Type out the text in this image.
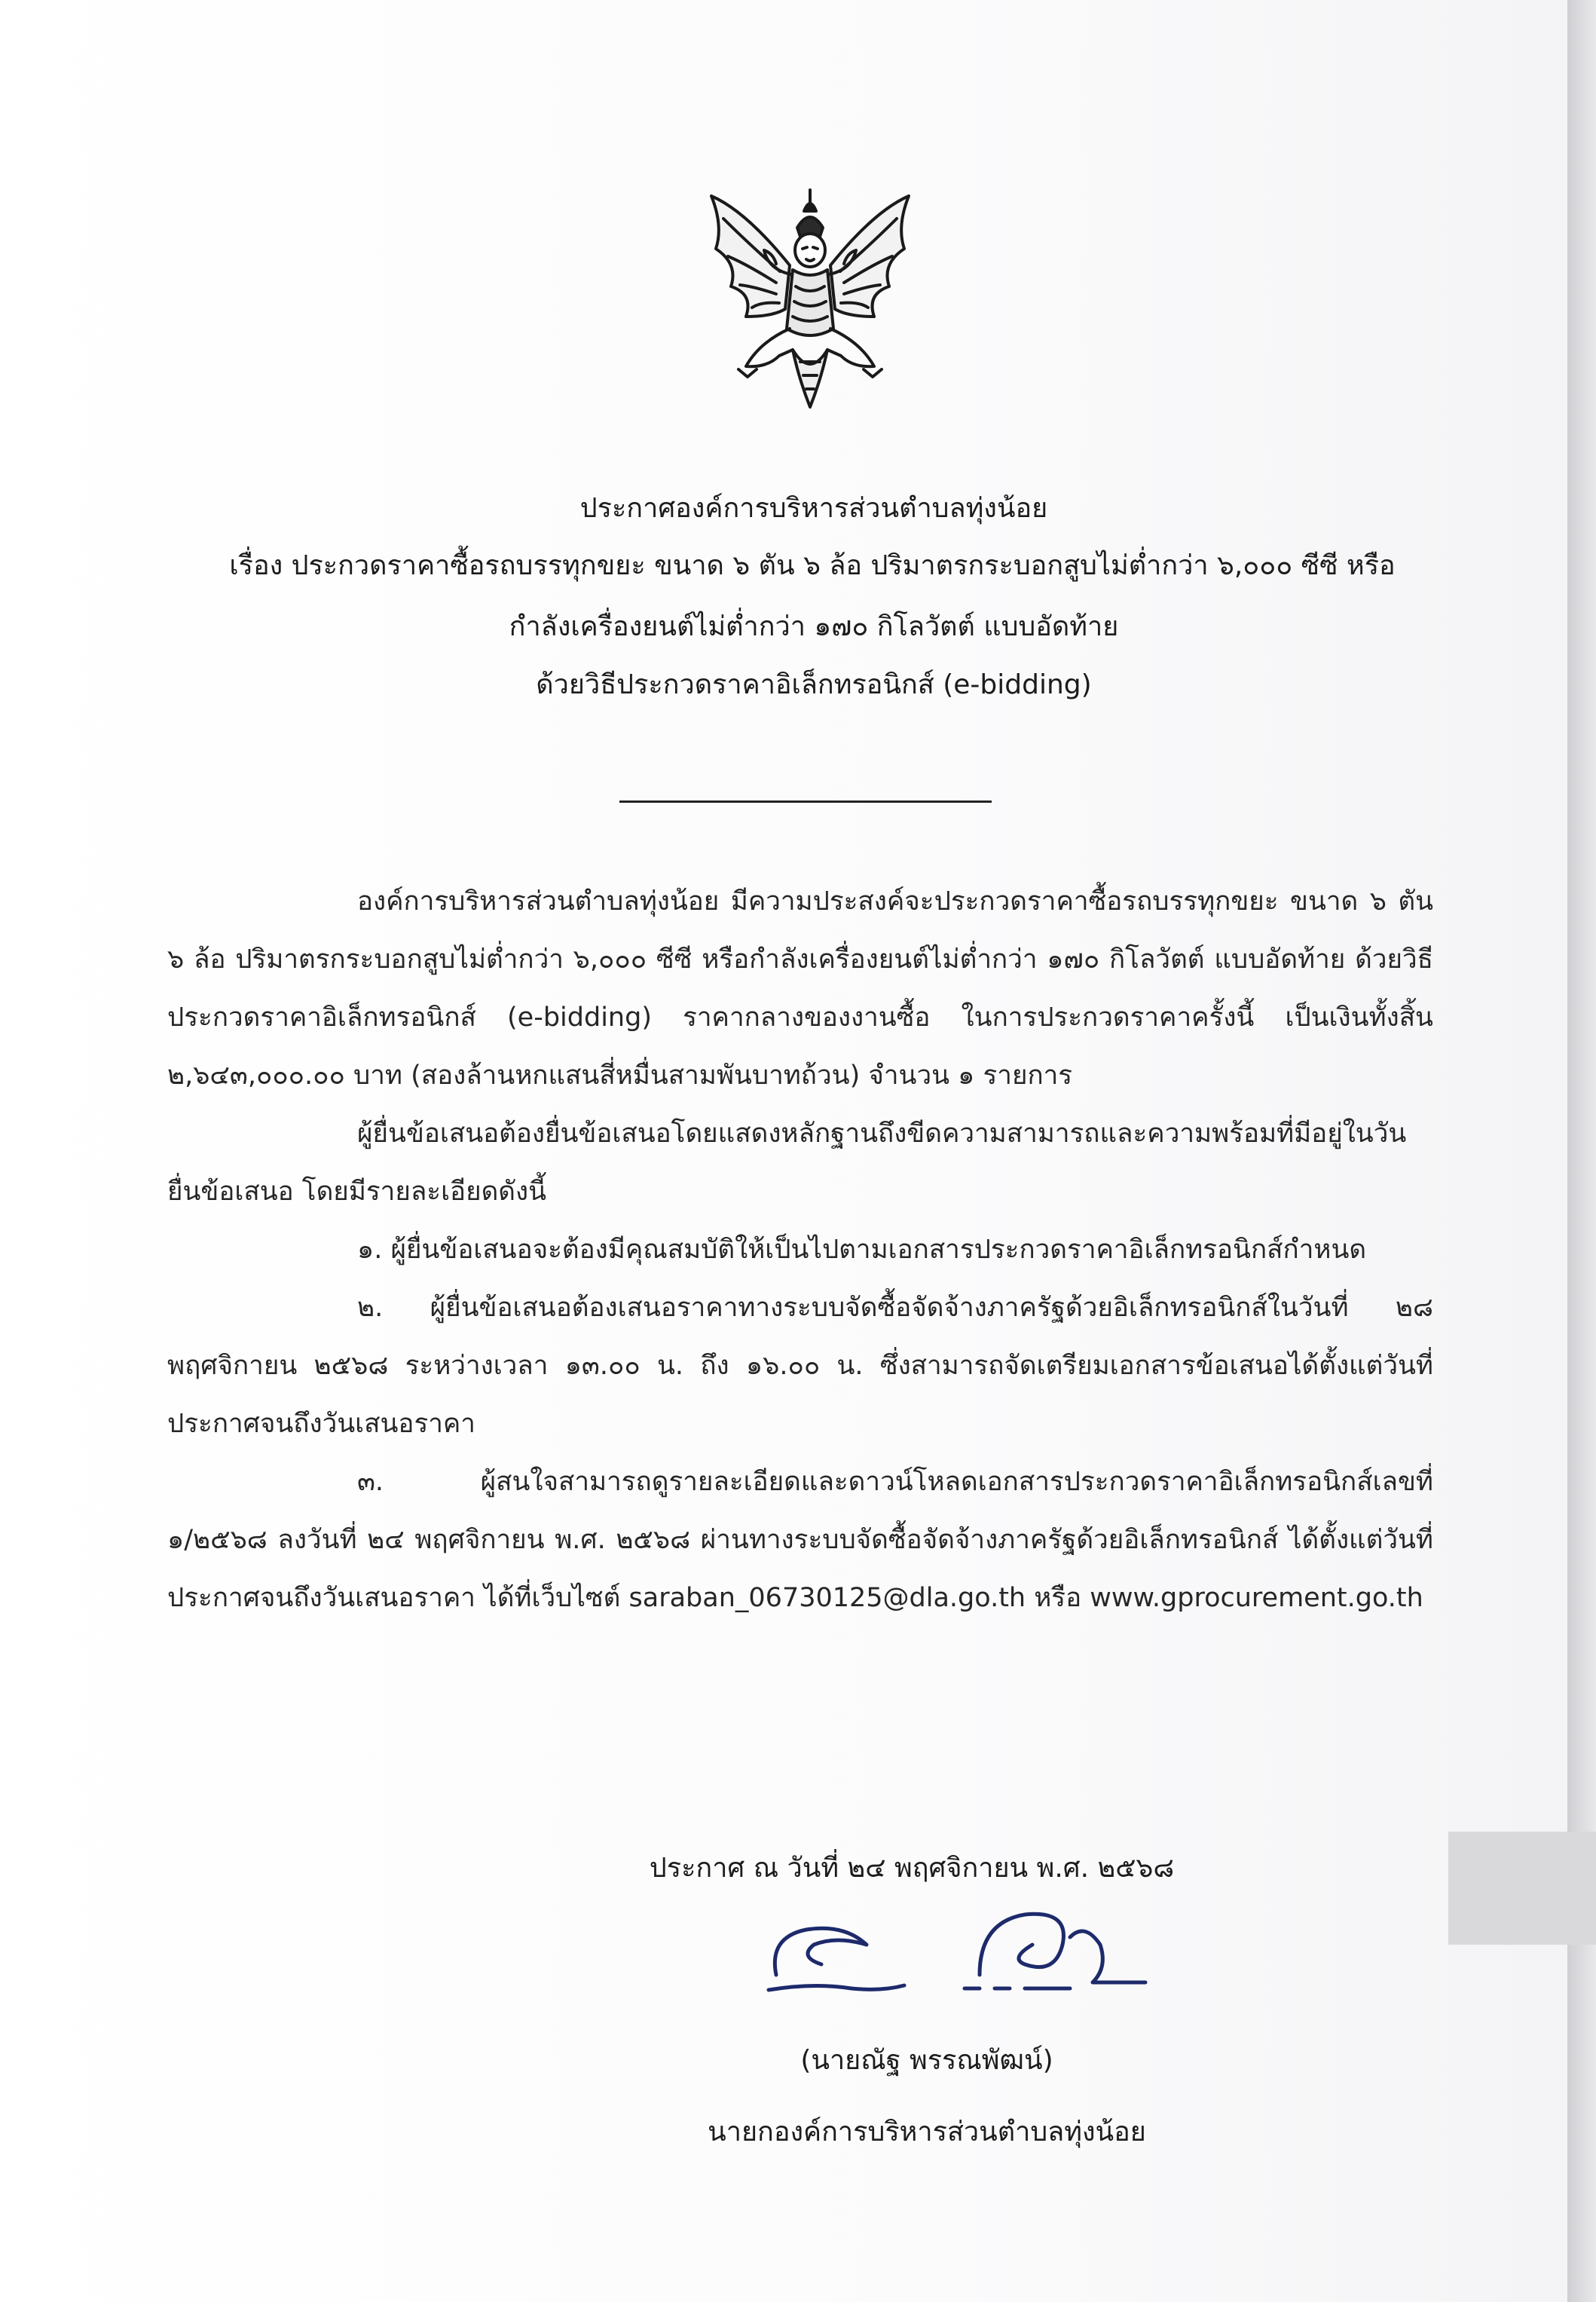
ประกาศองค์การบริหารส่วนตำบลทุ่งน้อย
เรื่อง ประกวดราคาซื้อรถบรรทุกขยะ ขนาด ๖ ตัน ๖ ล้อ ปริมาตรกระบอกสูบไม่ต่ำกว่า ๖,๐๐๐ ซีซี หรือ
กำลังเครื่องยนต์ไม่ต่ำกว่า ๑๗๐ กิโลวัตต์ แบบอัดท้าย
ด้วยวิธีประกวดราคาอิเล็กทรอนิกส์ (e-bidding)

องค์การบริหารส่วนตำบลทุ่งน้อย มีความประสงค์จะประกวดราคาซื้อรถบรรทุกขยะ ขนาด ๖ ตัน ๖ ล้อ ปริมาตรกระบอกสูบไม่ต่ำกว่า ๖,๐๐๐ ซีซี หรือกำลังเครื่องยนต์ไม่ต่ำกว่า ๑๗๐ กิโลวัตต์ แบบอัดท้าย ด้วยวิธีประกวดราคาอิเล็กทรอนิกส์ (e-bidding) ราคากลางของงานซื้อ ในการประกวดราคาครั้งนี้ เป็นเงินทั้งสิ้น ๒,๖๔๓,๐๐๐.๐๐ บาท (สองล้านหกแสนสี่หมื่นสามพันบาทถ้วน) จำนวน ๑ รายการ

ผู้ยื่นข้อเสนอต้องยื่นข้อเสนอโดยแสดงหลักฐานถึงขีดความสามารถและความพร้อมที่มีอยู่ในวันยื่นข้อเสนอ โดยมีรายละเอียดดังนี้

๑. ผู้ยื่นข้อเสนอจะต้องมีคุณสมบัติให้เป็นไปตามเอกสารประกวดราคาอิเล็กทรอนิกส์กำหนด

๒. ผู้ยื่นข้อเสนอต้องเสนอราคาทางระบบจัดซื้อจัดจ้างภาครัฐด้วยอิเล็กทรอนิกส์ในวันที่ ๒๘ พฤศจิกายน ๒๕๖๘ ระหว่างเวลา ๑๓.๐๐ น. ถึง ๑๖.๐๐ น. ซึ่งสามารถจัดเตรียมเอกสารข้อเสนอได้ตั้งแต่วันที่ประกาศจนถึงวันเสนอราคา

๓. ผู้สนใจสามารถดูรายละเอียดและดาวน์โหลดเอกสารประกวดราคาอิเล็กทรอนิกส์เลขที่ ๑/๒๕๖๘ ลงวันที่ ๒๔ พฤศจิกายน พ.ศ. ๒๕๖๘ ผ่านทางระบบจัดซื้อจัดจ้างภาครัฐด้วยอิเล็กทรอนิกส์ ได้ตั้งแต่วันที่ประกาศจนถึงวันเสนอราคา ได้ที่เว็บไซต์ saraban_06730125@dla.go.th หรือ www.gprocurement.go.th

ประกาศ ณ วันที่ ๒๔ พฤศจิกายน พ.ศ. ๒๕๖๘
(นายณัฐ พรรณพัฒน์)
นายกองค์การบริหารส่วนตำบลทุ่งน้อย
